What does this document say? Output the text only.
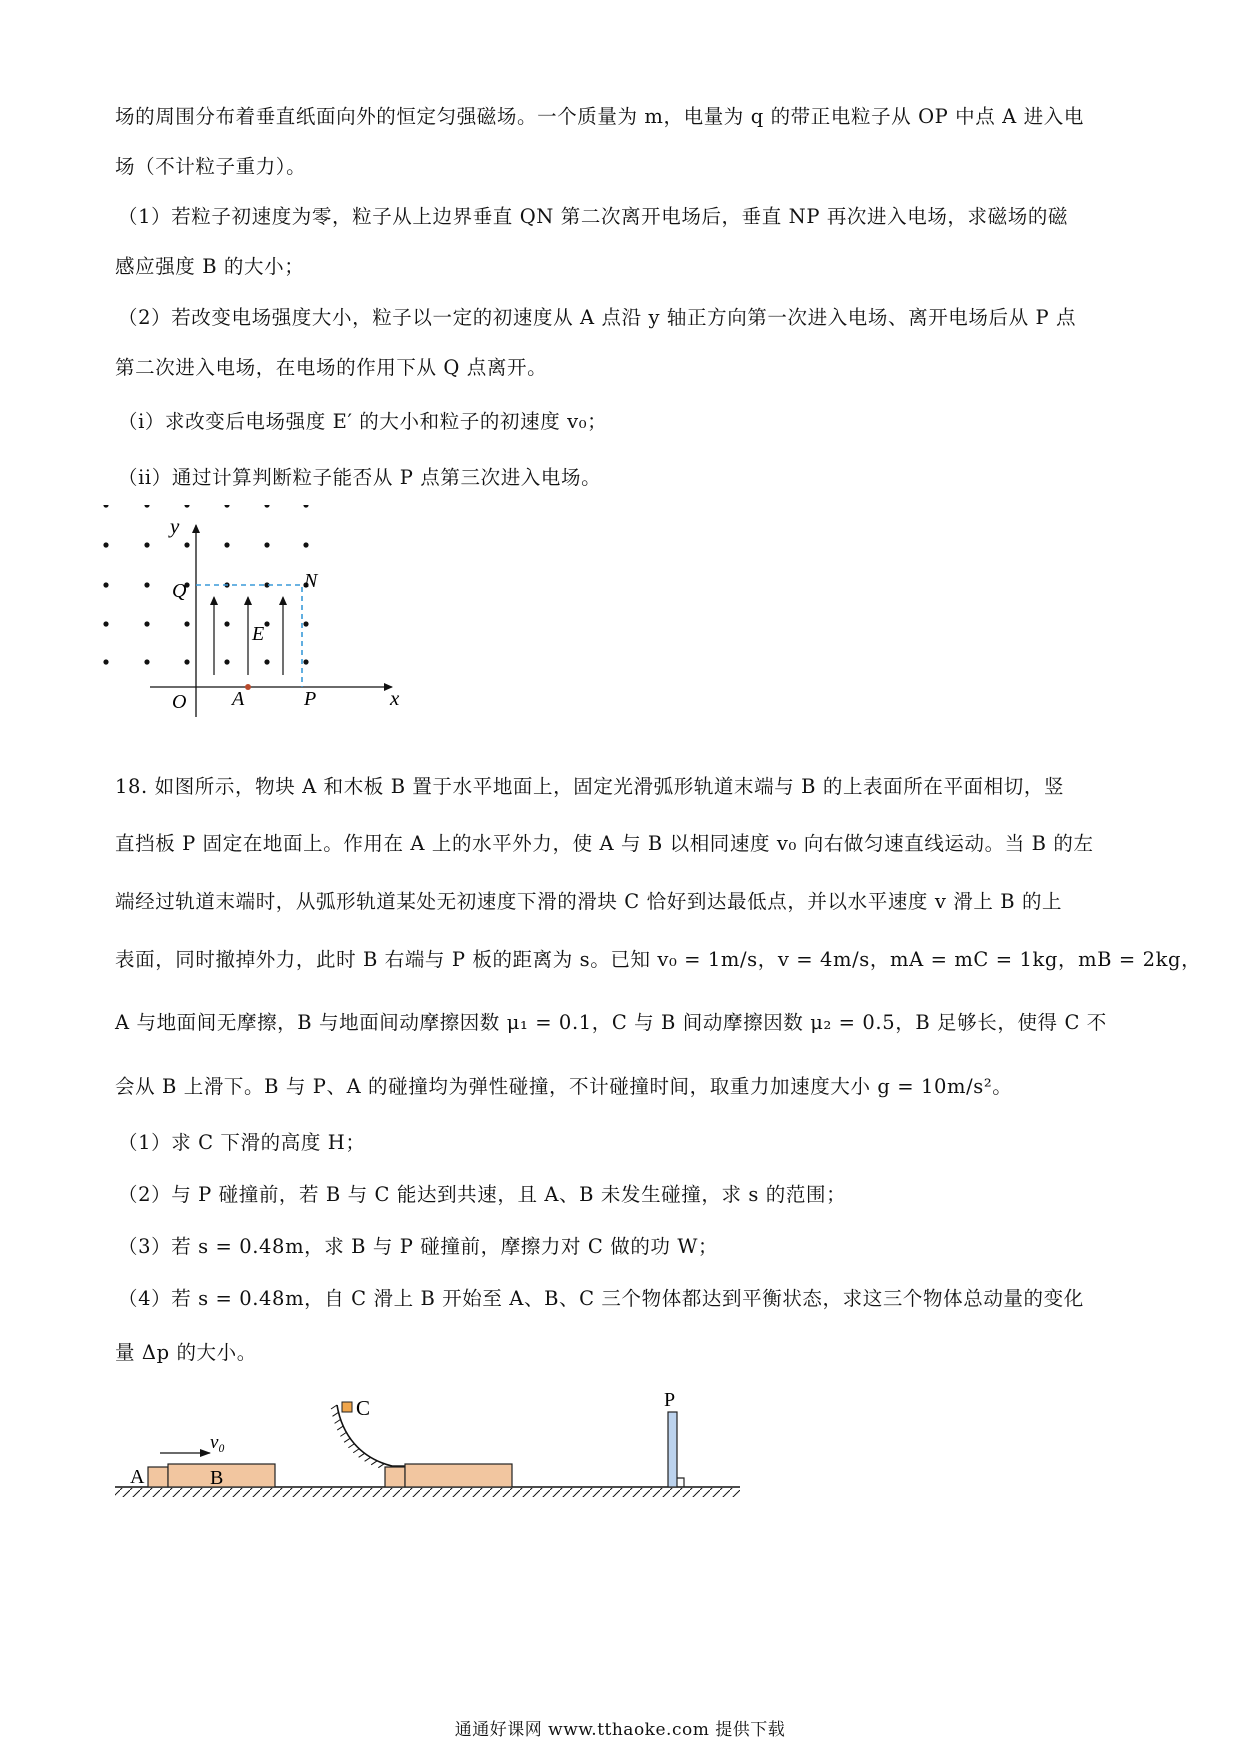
场的周围分布着垂直纸面向外的恒定匀强磁场。一个质量为 m，电量为 q 的带正电粒子从 OP 中点 A 进入电
场（不计粒子重力）。
（1）若粒子初速度为零，粒子从上边界垂直 QN 第二次离开电场后，垂直 NP 再次进入电场，求磁场的磁
感应强度 B 的大小；
（2）若改变电场强度大小，粒子以一定的初速度从 A 点沿 y 轴正方向第一次进入电场、离开电场后从 P 点
第二次进入电场，在电场的作用下从 Q 点离开。
（i）求改变后电场强度 E′ 的大小和粒子的初速度 v₀；
（ii）通过计算判断粒子能否从 P 点第三次进入电场。
y
Q	N
E
O A	P	x
18. 如图所示，物块 A 和木板 B 置于水平地面上，固定光滑弧形轨道末端与 B 的上表面所在平面相切，竖
直挡板 P 固定在地面上。作用在 A 上的水平外力，使 A 与 B 以相同速度 v₀ 向右做匀速直线运动。当 B 的左
端经过轨道末端时，从弧形轨道某处无初速度下滑的滑块 C 恰好到达最低点，并以水平速度 v 滑上 B 的上
表面，同时撤掉外力，此时 B 右端与 P 板的距离为 s。已知 v₀ = 1m/s，v = 4m/s，mA = mC = 1kg，mB = 2kg，
A 与地面间无摩擦，B 与地面间动摩擦因数 μ₁ = 0.1，C 与 B 间动摩擦因数 μ₂ = 0.5，B 足够长，使得 C 不
会从 B 上滑下。B 与 P、A 的碰撞均为弹性碰撞，不计碰撞时间，取重力加速度大小 g = 10m/s²。
（1）求 C 下滑的高度 H；
（2）与 P 碰撞前，若 B 与 C 能达到共速，且 A、B 未发生碰撞，求 s 的范围；
（3）若 s = 0.48m，求 B 与 P 碰撞前，摩擦力对 C 做的功 W；
（4）若 s = 0.48m，自 C 滑上 B 开始至 A、B、C 三个物体都达到平衡状态，求这三个物体总动量的变化
量 Δp 的大小。
A	B
v₀
C	P
通通好课网 www.tthaoke.com 提供下载
